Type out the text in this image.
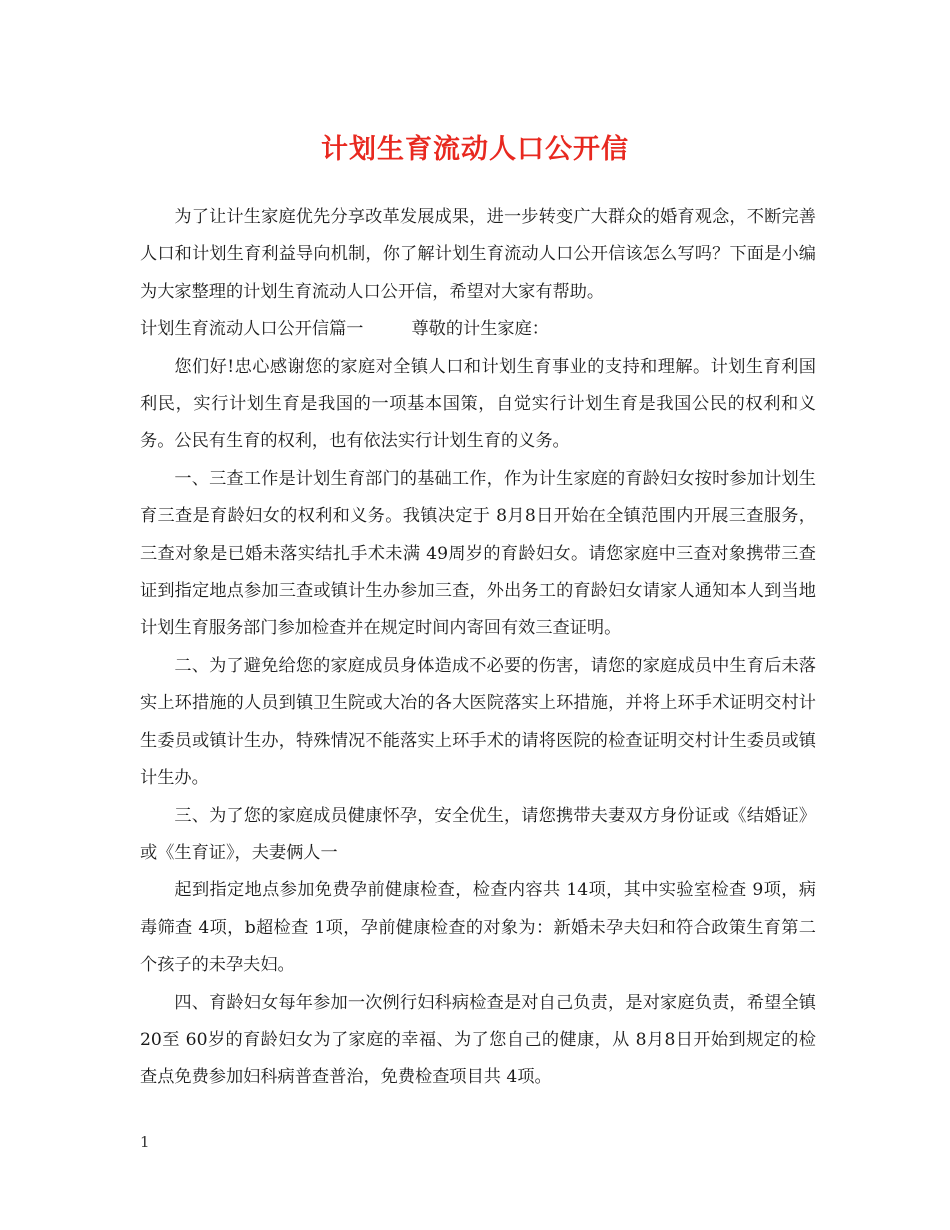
计划生育流动人口公开信

为了让计生家庭优先分享改革发展成果，进一步转变广大群众的婚育观念，不断完善人口和计划生育利益导向机制，你了解计划生育流动人口公开信该怎么写吗？下面是小编为大家整理的计划生育流动人口公开信，希望对大家有帮助。

计划生育流动人口公开信篇一	尊敬的计生家庭：

您们好!忠心感谢您的家庭对全镇人口和计划生育事业的支持和理解。计划生育利国利民，实行计划生育是我国的一项基本国策，自觉实行计划生育是我国公民的权利和义务。公民有生育的权利，也有依法实行计划生育的义务。

一、三查工作是计划生育部门的基础工作，作为计生家庭的育龄妇女按时参加计划生育三查是育龄妇女的权利和义务。我镇决定于 8月8日开始在全镇范围内开展三查服务，三查对象是已婚未落实结扎手术未满 49周岁的育龄妇女。请您家庭中三查对象携带三查证到指定地点参加三查或镇计生办参加三查，外出务工的育龄妇女请家人通知本人到当地计划生育服务部门参加检查并在规定时间内寄回有效三查证明。

二、为了避免给您的家庭成员身体造成不必要的伤害，请您的家庭成员中生育后未落实上环措施的人员到镇卫生院或大冶的各大医院落实上环措施，并将上环手术证明交村计生委员或镇计生办，特殊情况不能落实上环手术的请将医院的检查证明交村计生委员或镇计生办。

三、为了您的家庭成员健康怀孕，安全优生，请您携带夫妻双方身份证或《结婚证》或《生育证》，夫妻俩人一

起到指定地点参加免费孕前健康检查，检查内容共 14项，其中实验室检查 9项，病毒筛查 4项，b超检查 1项，孕前健康检查的对象为：新婚未孕夫妇和符合政策生育第二个孩子的未孕夫妇。

四、育龄妇女每年参加一次例行妇科病检查是对自己负责，是对家庭负责，希望全镇 20至 60岁的育龄妇女为了家庭的幸福、为了您自己的健康，从 8月8日开始到规定的检查点免费参加妇科病普查普治，免费检查项目共 4项。

1
